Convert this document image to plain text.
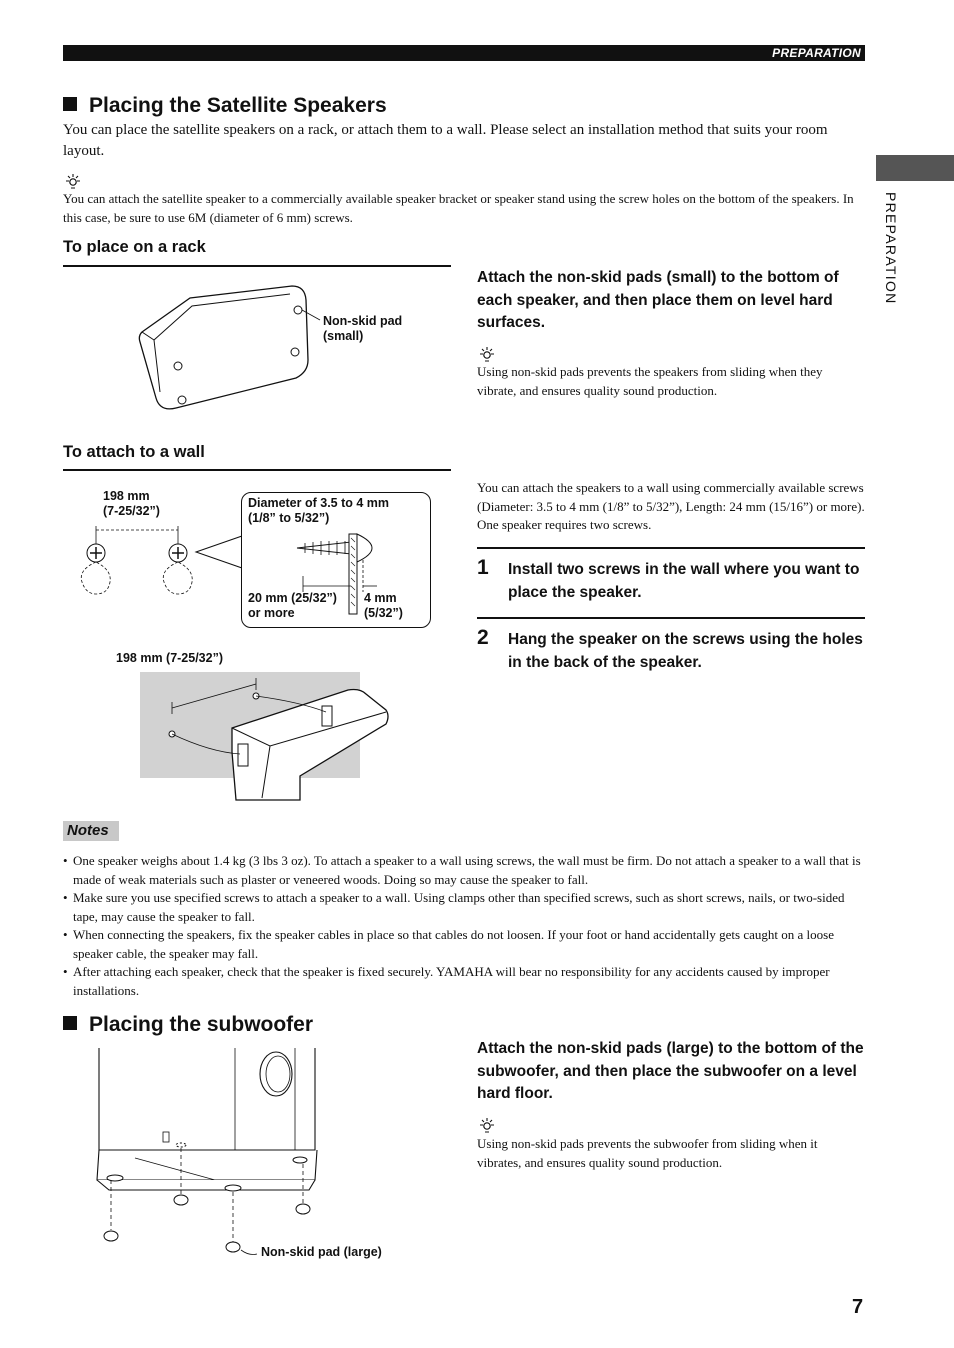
PREPARATION
PREPARATION
Placing the Satellite Speakers

You can place the satellite speakers on a rack, or attach them to a wall. Please select an installation method that suits your room layout.

You can attach the satellite speaker to a commercially available speaker bracket or speaker stand using the screw holes on the bottom of the speakers. In this case, be sure to use 6M (diameter of 6 mm) screws.

To place on a rack
Non-skid pad
(small)

Attach the non-skid pads (small) to the bottom of each speaker, and then place them on level hard surfaces.

Using non-skid pads prevents the speakers from sliding when they vibrate, and ensures quality sound production.

To attach to a wall
198 mm
(7-25/32”)
Diameter of 3.5 to 4 mm
(1/8” to 5/32”)
20 mm (25/32”)
or more
4 mm
(5/32”)
198 mm (7-25/32”)

You can attach the speakers to a wall using commercially available screws (Diameter: 3.5 to 4 mm (1/8” to 5/32”), Length: 24 mm (15/16”) or more). One speaker requires two screws.

1 Install two screws in the wall where you want to place the speaker.

2 Hang the speaker on the screws using the holes in the back of the speaker.

Notes
• One speaker weighs about 1.4 kg (3 lbs 3 oz). To attach a speaker to a wall using screws, the wall must be firm. Do not attach a speaker to a wall that is made of weak materials such as plaster or veneered woods. Doing so may cause the speaker to fall.
• Make sure you use specified screws to attach a speaker to a wall. Using clamps other than specified screws, such as short screws, nails, or two-sided tape, may cause the speaker to fall.
• When connecting the speakers, fix the speaker cables in place so that cables do not loosen. If your foot or hand accidentally gets caught on a loose speaker cable, the speaker may fall.
• After attaching each speaker, check that the speaker is fixed securely. YAMAHA will bear no responsibility for any accidents caused by improper installations.
Placing the subwoofer
Non-skid pad (large)

Attach the non-skid pads (large) to the bottom of the subwoofer, and then place the subwoofer on a level hard floor.

Using non-skid pads prevents the subwoofer from sliding when it vibrates, and ensures quality sound production.

7
